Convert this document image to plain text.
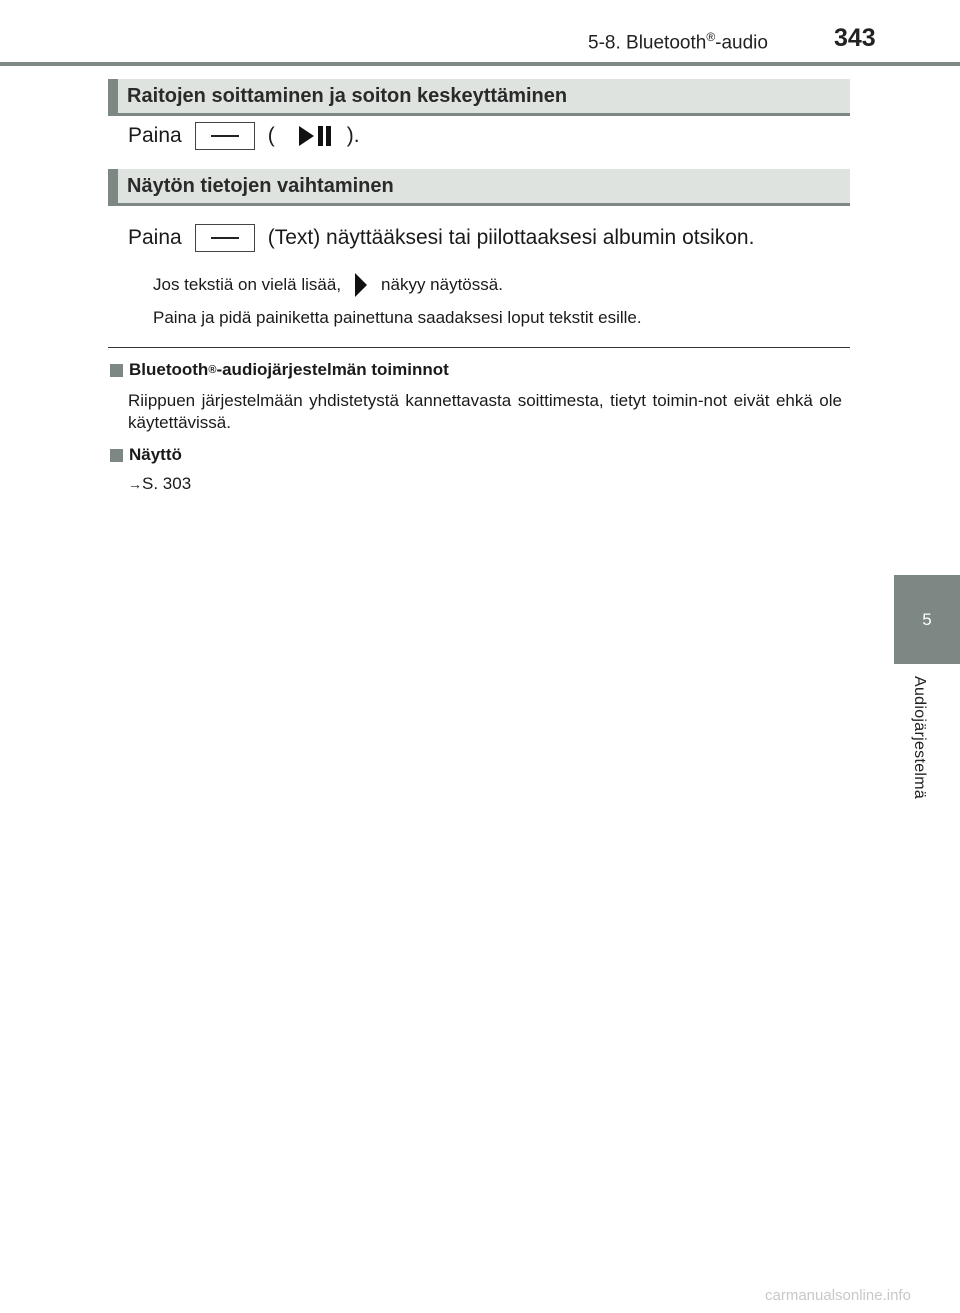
5-8. Bluetooth®-audio	343
5
Audiojärjestelmä
Raitojen soittaminen ja soiton keskeyttäminen
Paina	(	).
Näytön tietojen vaihtaminen
Paina	(Text) näyttääksesi tai piilottaaksesi albumin otsikon.
Jos tekstiä on vielä lisää, näkyy näytössä.
Paina ja pidä painiketta painettuna saadaksesi loput tekstit esille.
Bluetooth ® -audiojärjestelmän toiminnot
Riippuen järjestelmään yhdistetystä kannettavasta soittimesta, tietyt toimin-not eivät ehkä ole käytettävissä.
Näyttö
→S. 303
carmanualsonline.info
